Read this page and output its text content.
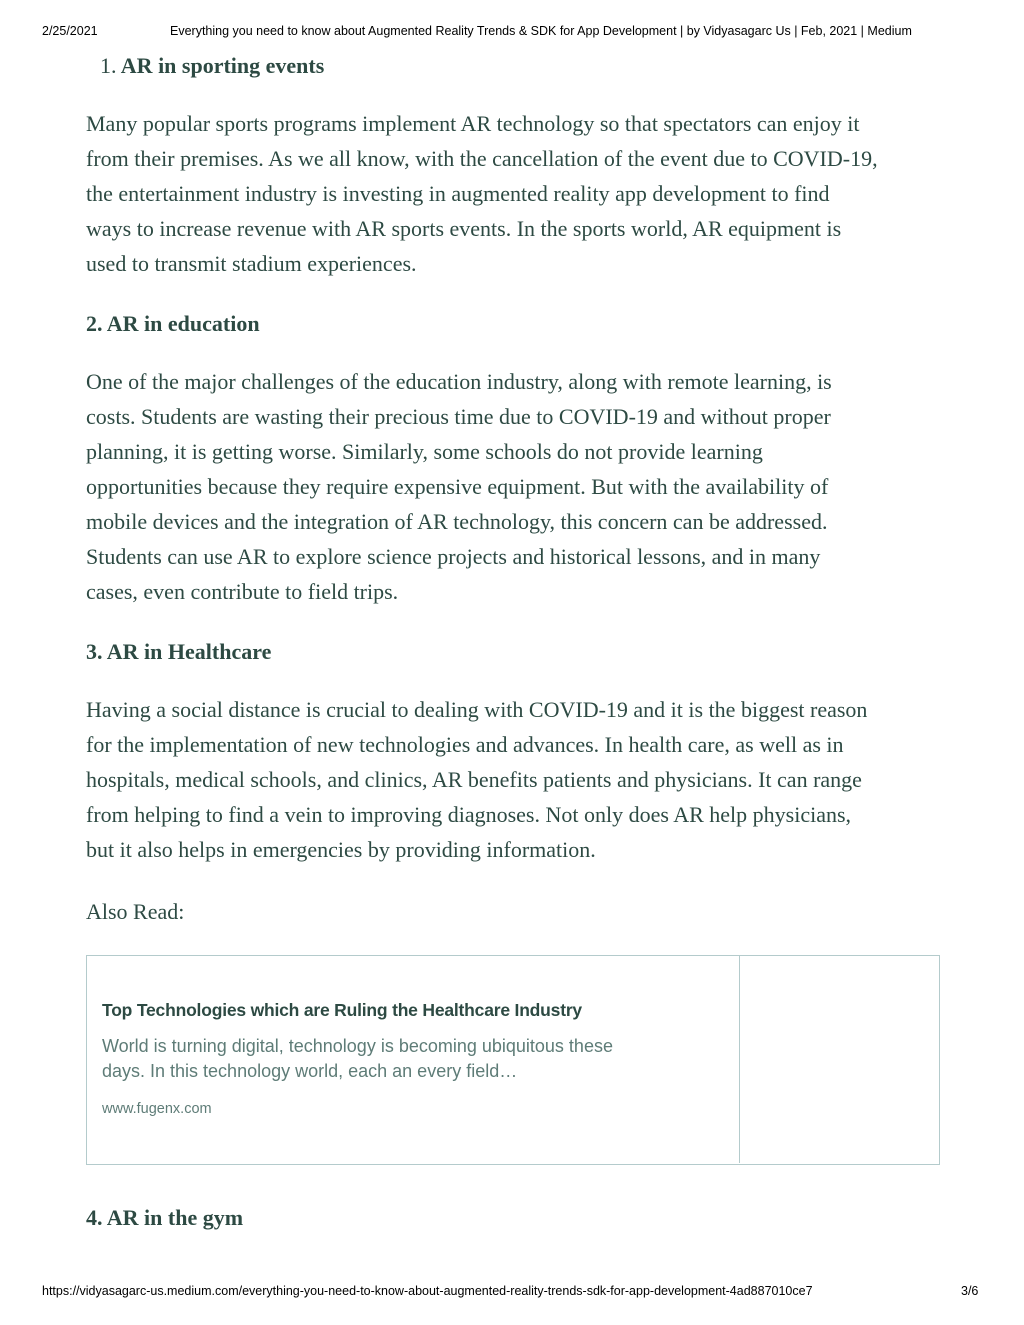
2/25/2021	Everything you need to know about Augmented Reality Trends & SDK for App Development | by Vidyasagarc Us | Feb, 2021 | Medium
1. AR in sporting events

Many popular sports programs implement AR technology so that spectators can enjoy it
from their premises. As we all know, with the cancellation of the event due to COVID-19,
the entertainment industry is investing in augmented reality app development to find
ways to increase revenue with AR sports events. In the sports world, AR equipment is
used to transmit stadium experiences.

2. AR in education

One of the major challenges of the education industry, along with remote learning, is
costs. Students are wasting their precious time due to COVID-19 and without proper
planning, it is getting worse. Similarly, some schools do not provide learning
opportunities because they require expensive equipment. But with the availability of
mobile devices and the integration of AR technology, this concern can be addressed.
Students can use AR to explore science projects and historical lessons, and in many
cases, even contribute to field trips.

3. AR in Healthcare

Having a social distance is crucial to dealing with COVID-19 and it is the biggest reason
for the implementation of new technologies and advances. In health care, as well as in
hospitals, medical schools, and clinics, AR benefits patients and physicians. It can range
from helping to find a vein to improving diagnoses. Not only does AR help physicians,
but it also helps in emergencies by providing information.

Also Read:

Top Technologies which are Ruling the Healthcare Industry
World is turning digital, technology is becoming ubiquitous these
days. In this technology world, each an every field…
www.fugenx.com
4. AR in the gym
https://vidyasagarc-us.medium.com/everything-you-need-to-know-about-augmented-reality-trends-sdk-for-app-development-4ad887010ce7	3/6
